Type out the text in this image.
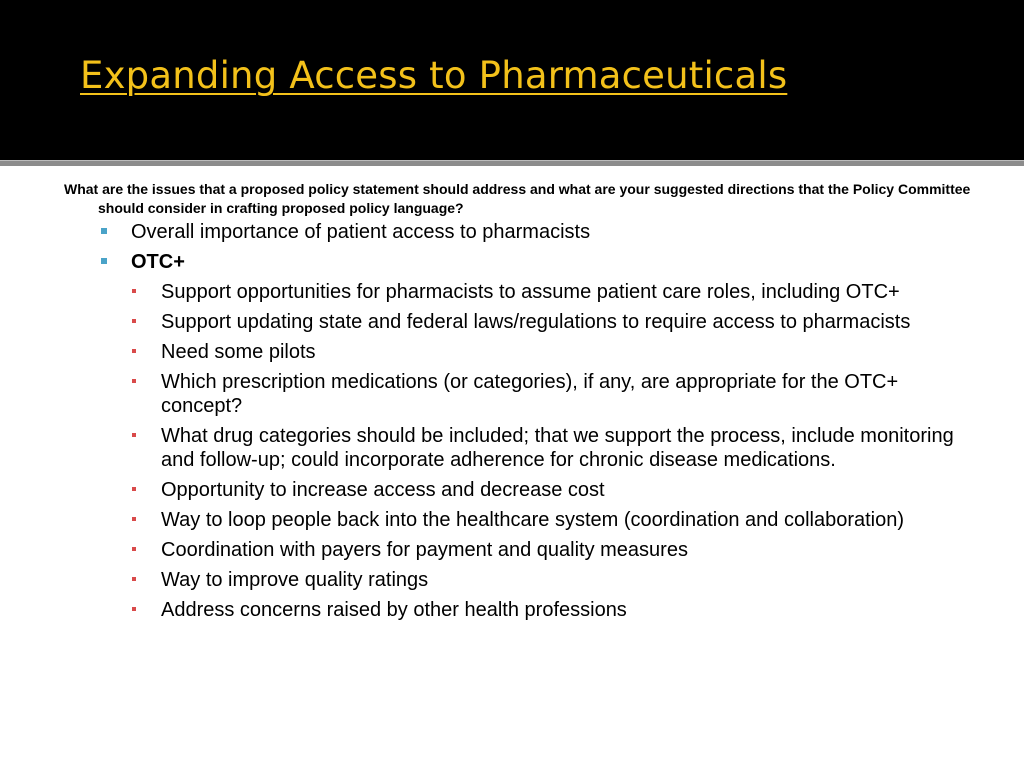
Expanding Access to Pharmaceuticals

What are the issues that a proposed policy statement should address and what are your suggested directions that the Policy Committee should consider in crafting proposed policy language?

Overall importance of patient access to pharmacists
OTC+
Support opportunities for pharmacists to assume patient care roles, including OTC+
Support updating state and federal laws/regulations to require access to pharmacists
Need some pilots
Which prescription medications (or categories), if any, are appropriate for the OTC+ concept?
What drug categories should be included; that we support the process, include monitoring and follow-up; could incorporate adherence for chronic disease medications.
Opportunity to increase access and decrease cost
Way to loop people back into the healthcare system (coordination and collaboration)
Coordination with payers for payment and quality measures
Way to improve quality ratings
Address concerns raised by other health professions
